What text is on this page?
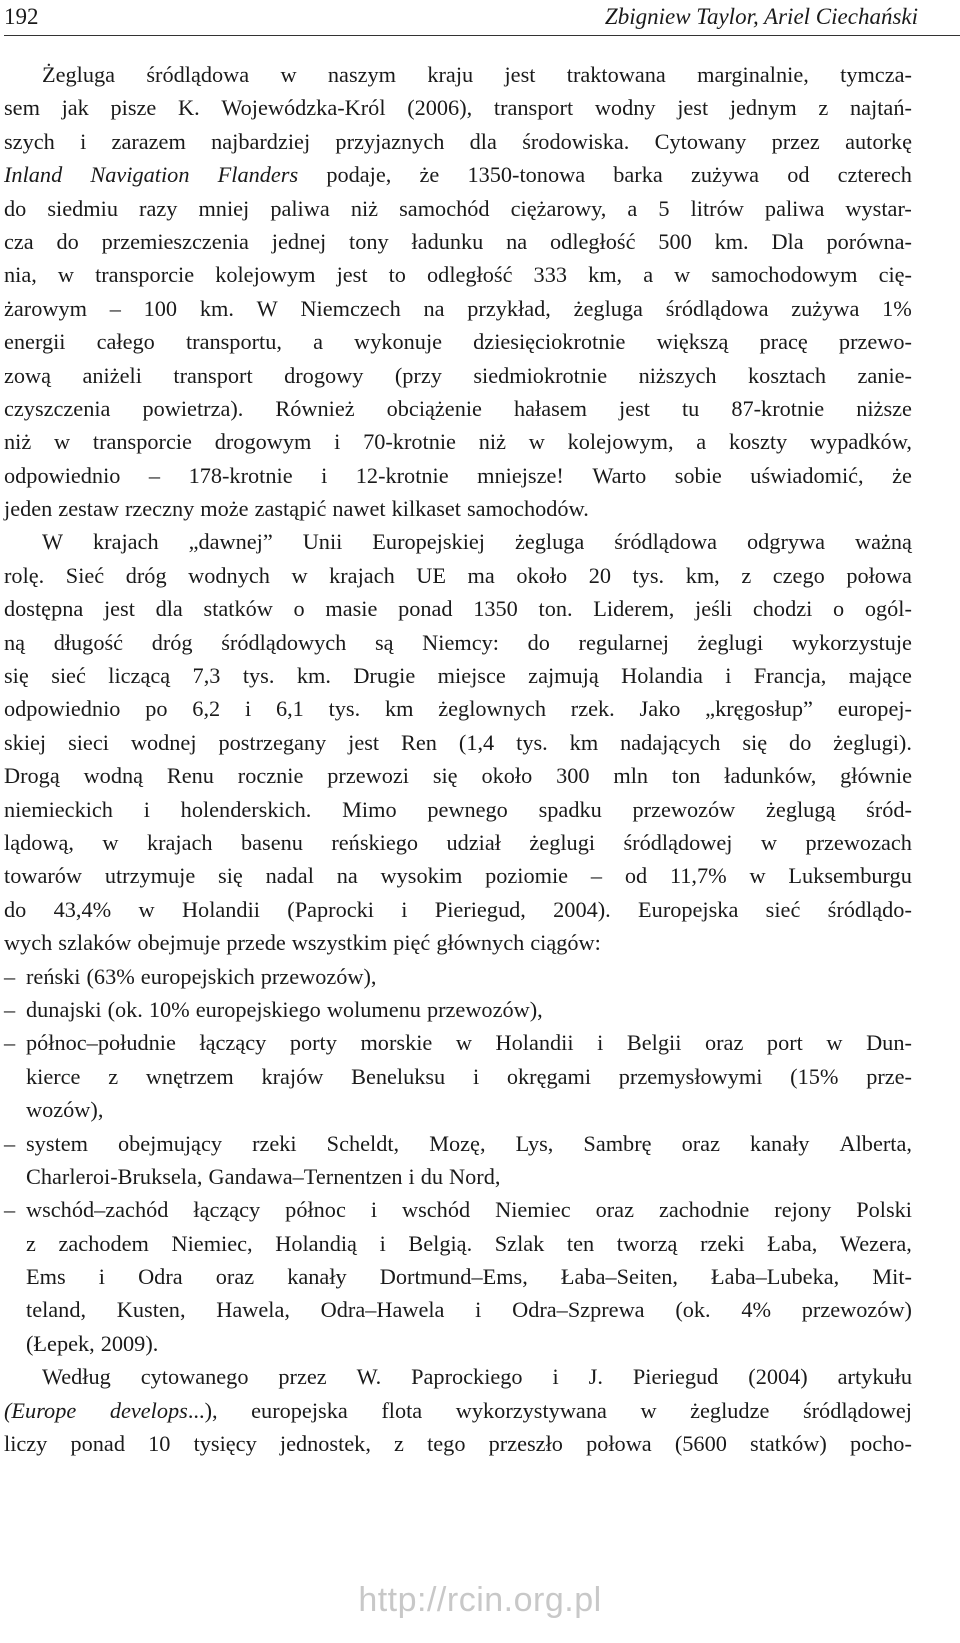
192	Zbigniew Taylor, Ariel Ciechański
Żegluga śródlądowa w naszym kraju jest traktowana marginalnie, tymcza-
sem jak pisze K. Wojewódzka-Król (2006), transport wodny jest jednym z najtań-
szych i zarazem najbardziej przyjaznych dla środowiska. Cytowany przez autorkę
Inland Navigation Flanders podaje, że 1350-tonowa barka zużywa od czterech
do siedmiu razy mniej paliwa niż samochód ciężarowy, a 5 litrów paliwa wystar-
cza do przemieszczenia jednej tony ładunku na odległość 500 km. Dla porówna-
nia, w transporcie kolejowym jest to odległość 333 km, a w samochodowym cię-
żarowym – 100 km. W Niemczech na przykład, żegluga śródlądowa zużywa 1%
energii całego transportu, a wykonuje dziesięciokrotnie większą pracę przewo-
zową aniżeli transport drogowy (przy siedmiokrotnie niższych kosztach zanie-
czyszczenia powietrza). Również obciążenie hałasem jest tu 87-krotnie niższe
niż w transporcie drogowym i 70-krotnie niż w kolejowym, a koszty wypadków,
odpowiednio – 178-krotnie i 12-krotnie mniejsze! Warto sobie uświadomić, że
jeden zestaw rzeczny może zastąpić nawet kilkaset samochodów.
W krajach „dawnej” Unii Europejskiej żegluga śródlądowa odgrywa ważną
rolę. Sieć dróg wodnych w krajach UE ma około 20 tys. km, z czego połowa
dostępna jest dla statków o masie ponad 1350 ton. Liderem, jeśli chodzi o ogól-
ną długość dróg śródlądowych są Niemcy: do regularnej żeglugi wykorzystuje
się sieć liczącą 7,3 tys. km. Drugie miejsce zajmują Holandia i Francja, mające
odpowiednio po 6,2 i 6,1 tys. km żeglownych rzek. Jako „kręgosłup” europej-
skiej sieci wodnej postrzegany jest Ren (1,4 tys. km nadających się do żeglugi).
Drogą wodną Renu rocznie przewozi się około 300 mln ton ładunków, głównie
niemieckich i holenderskich. Mimo pewnego spadku przewozów żeglugą śród-
lądową, w krajach basenu reńskiego udział żeglugi śródlądowej w przewozach
towarów utrzymuje się nadal na wysokim poziomie – od 11,7% w Luksemburgu
do 43,4% w Holandii (Paprocki i Pieriegud, 2004). Europejska sieć śródlądo-
wych szlaków obejmuje przede wszystkim pięć głównych ciągów:
– reński (63% europejskich przewozów),
– dunajski (ok. 10% europejskiego wolumenu przewozów),
– północ–południe łączący porty morskie w Holandii i Belgii oraz port w Dun-
kierce z wnętrzem krajów Beneluksu i okręgami przemysłowymi (15% prze-
wozów),
– system obejmujący rzeki Scheldt, Mozę, Lys, Sambrę oraz kanały Alberta,
Charleroi-Bruksela, Gandawa–Ternentzen i du Nord,
– wschód–zachód łączący północ i wschód Niemiec oraz zachodnie rejony Polski
z zachodem Niemiec, Holandią i Belgią. Szlak ten tworzą rzeki Łaba, Wezera,
Ems i Odra oraz kanały Dortmund–Ems, Łaba–Seiten, Łaba–Lubeka, Mit-
teland, Kusten, Hawela, Odra–Hawela i Odra–Szprewa (ok. 4% przewozów)
(Łepek, 2009).
Według cytowanego przez W. Paprockiego i J. Pieriegud (2004) artykułu
(Europe develops...), europejska flota wykorzystywana w żegludze śródlądowej
liczy ponad 10 tysięcy jednostek, z tego przeszło połowa (5600 statków) pocho-
http://rcin.org.pl
